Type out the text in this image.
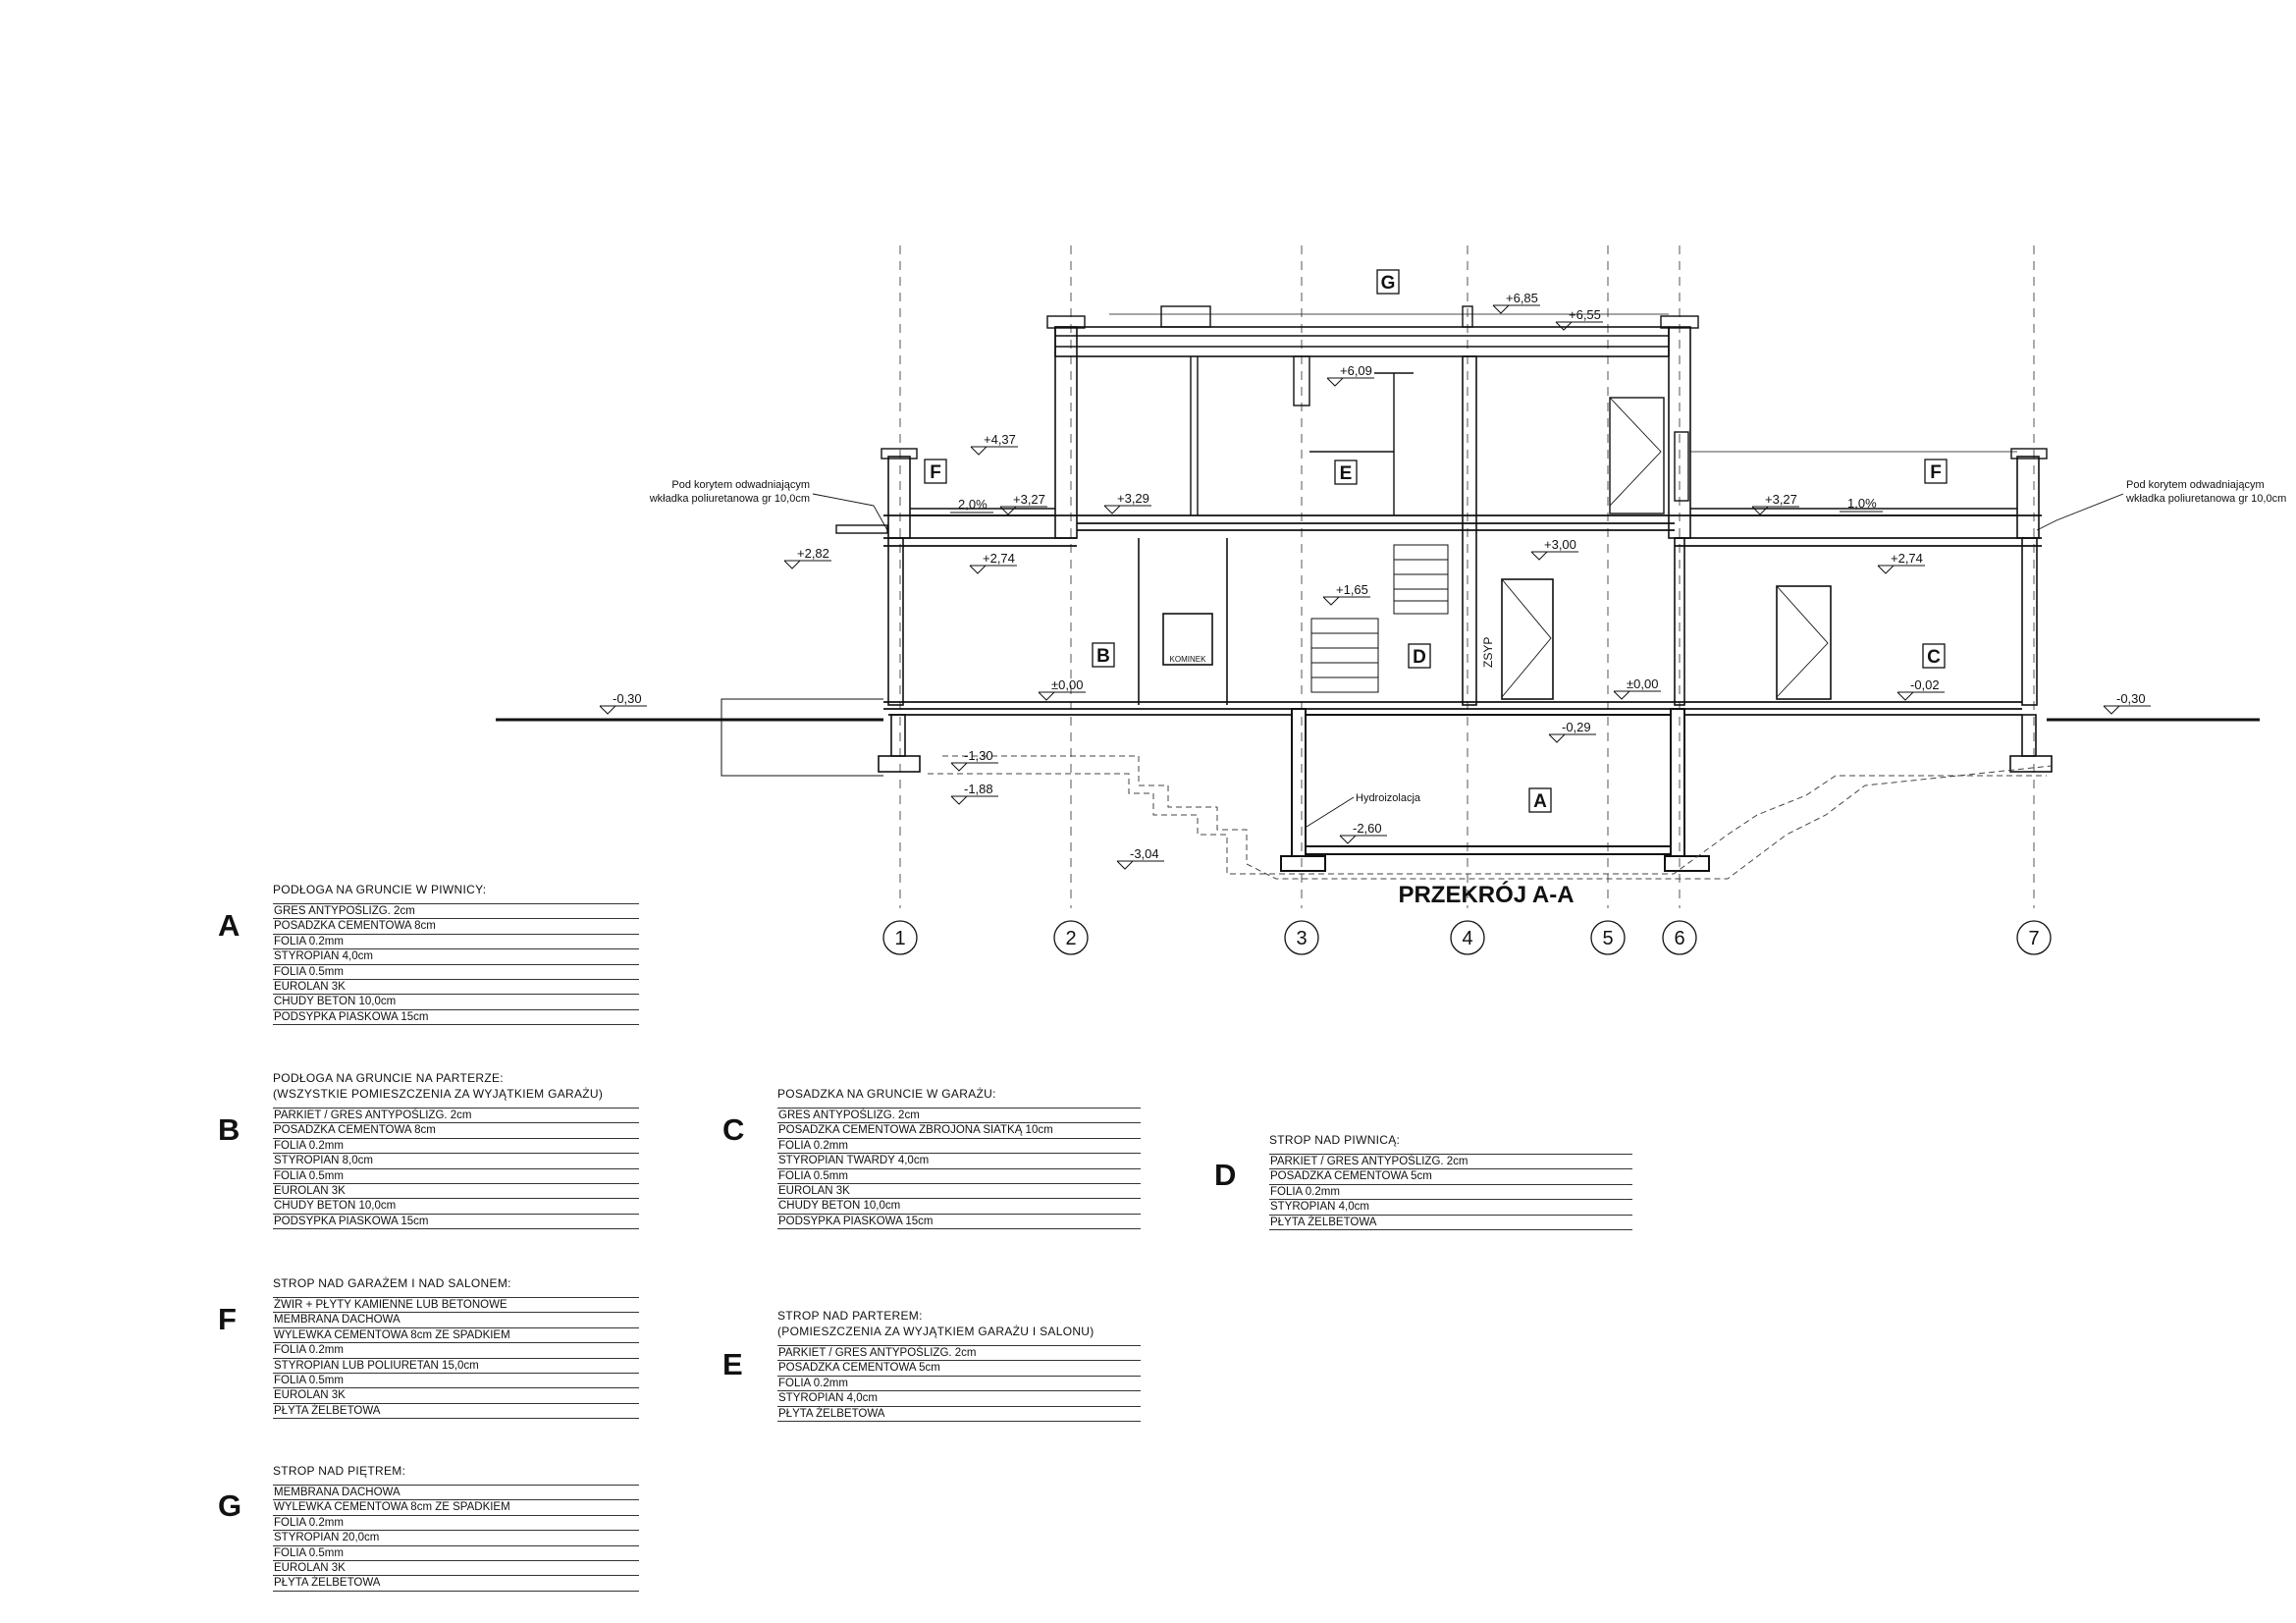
1	2	3	4	5	6	7
G
F	E	F
B	D	C
A
+6,85
+6,55
+6,09
+4,37
+3,27	+3,29	+3,27
+2,82	+2,74
+3,00
+2,74
+1,65
±0,00	±0,00	-0,02
-0,30	-0,30
-0,29
-1,30
-1,88
-2,60
-3,04
2,0%	1,0%
Pod korytem odwadniającym
wkładka poliuretanowa gr 10,0cm
Pod korytem odwadniającym
wkładka poliuretanowa gr 10,0cm
KOMINEK	ZSYP
Hydroizolacja
PRZEKRÓJ A-A
A
PODŁOGA NA GRUNCIE W PIWNICY:
GRES ANTYPOŚLIZG. 2cm
POSADZKA CEMENTOWA 8cm
FOLIA 0.2mm
STYROPIAN 4,0cm
FOLIA 0.5mm
EUROLAN 3K
CHUDY BETON 10,0cm
PODSYPKA PIASKOWA 15cm
B
PODŁOGA NA GRUNCIE NA PARTERZE:
(WSZYSTKIE POMIESZCZENIA ZA WYJĄTKIEM GARAŻU)
PARKIET / GRES ANTYPOŚLIZG. 2cm
POSADZKA CEMENTOWA 8cm
FOLIA 0.2mm
STYROPIAN 8,0cm
FOLIA 0.5mm
EUROLAN 3K
CHUDY BETON 10,0cm
PODSYPKA PIASKOWA 15cm
C
POSADZKA NA GRUNCIE W GARAŻU:
GRES ANTYPOŚLIZG. 2cm
POSADZKA CEMENTOWA ZBROJONA SIATKĄ 10cm
FOLIA 0.2mm
STYROPIAN TWARDY 4,0cm
FOLIA 0.5mm
EUROLAN 3K
CHUDY BETON 10,0cm
PODSYPKA PIASKOWA 15cm
D
STROP NAD PIWNICĄ:
PARKIET / GRES ANTYPOŚLIZG. 2cm
POSADZKA CEMENTOWA 5cm
FOLIA 0.2mm
STYROPIAN 4,0cm
PŁYTA ŻELBETOWA
F
STROP NAD GARAŻEM I NAD SALONEM:
ŻWIR + PŁYTY KAMIENNE LUB BETONOWE
MEMBRANA DACHOWA
WYLEWKA CEMENTOWA 8cm ZE SPADKIEM
FOLIA 0.2mm
STYROPIAN LUB POLIURETAN 15,0cm
FOLIA 0.5mm
EUROLAN 3K
PŁYTA ŻELBETOWA
E
STROP NAD PARTEREM:
(POMIESZCZENIA ZA WYJĄTKIEM GARAŻU I SALONU)
PARKIET / GRES ANTYPOŚLIZG. 2cm
POSADZKA CEMENTOWA 5cm
FOLIA 0.2mm
STYROPIAN 4,0cm
PŁYTA ŻELBETOWA
G
STROP NAD PIĘTREM:
MEMBRANA DACHOWA
WYLEWKA CEMENTOWA 8cm ZE SPADKIEM
FOLIA 0.2mm
STYROPIAN 20,0cm
FOLIA 0.5mm
EUROLAN 3K
PŁYTA ŻELBETOWA
